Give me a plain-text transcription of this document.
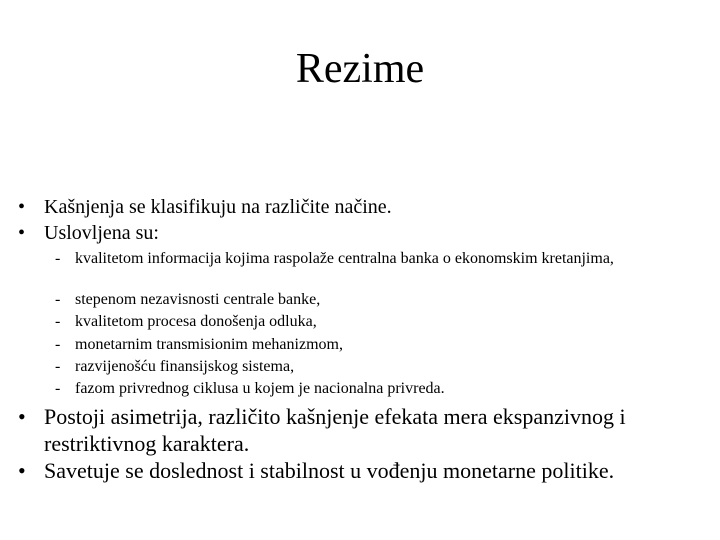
Rezime
• Kašnjenja se klasifikuju na različite načine.
• Uslovljena su:
- kvalitetom informacija kojima raspolaže centralna banka o ekonomskim kretanjima,
- stepenom nezavisnosti centrale banke,
- kvalitetom procesa donošenja odluka,
- monetarnim transmisionim mehanizmom,
- razvijenošću finansijskog sistema,
- fazom privrednog ciklusa u kojem je nacionalna privreda.
• Postoji asimetrija, različito kašnjenje efekata mera ekspanzivnog i restriktivnog karaktera.
• Savetuje se doslednost i stabilnost u vođenju monetarne politike.
